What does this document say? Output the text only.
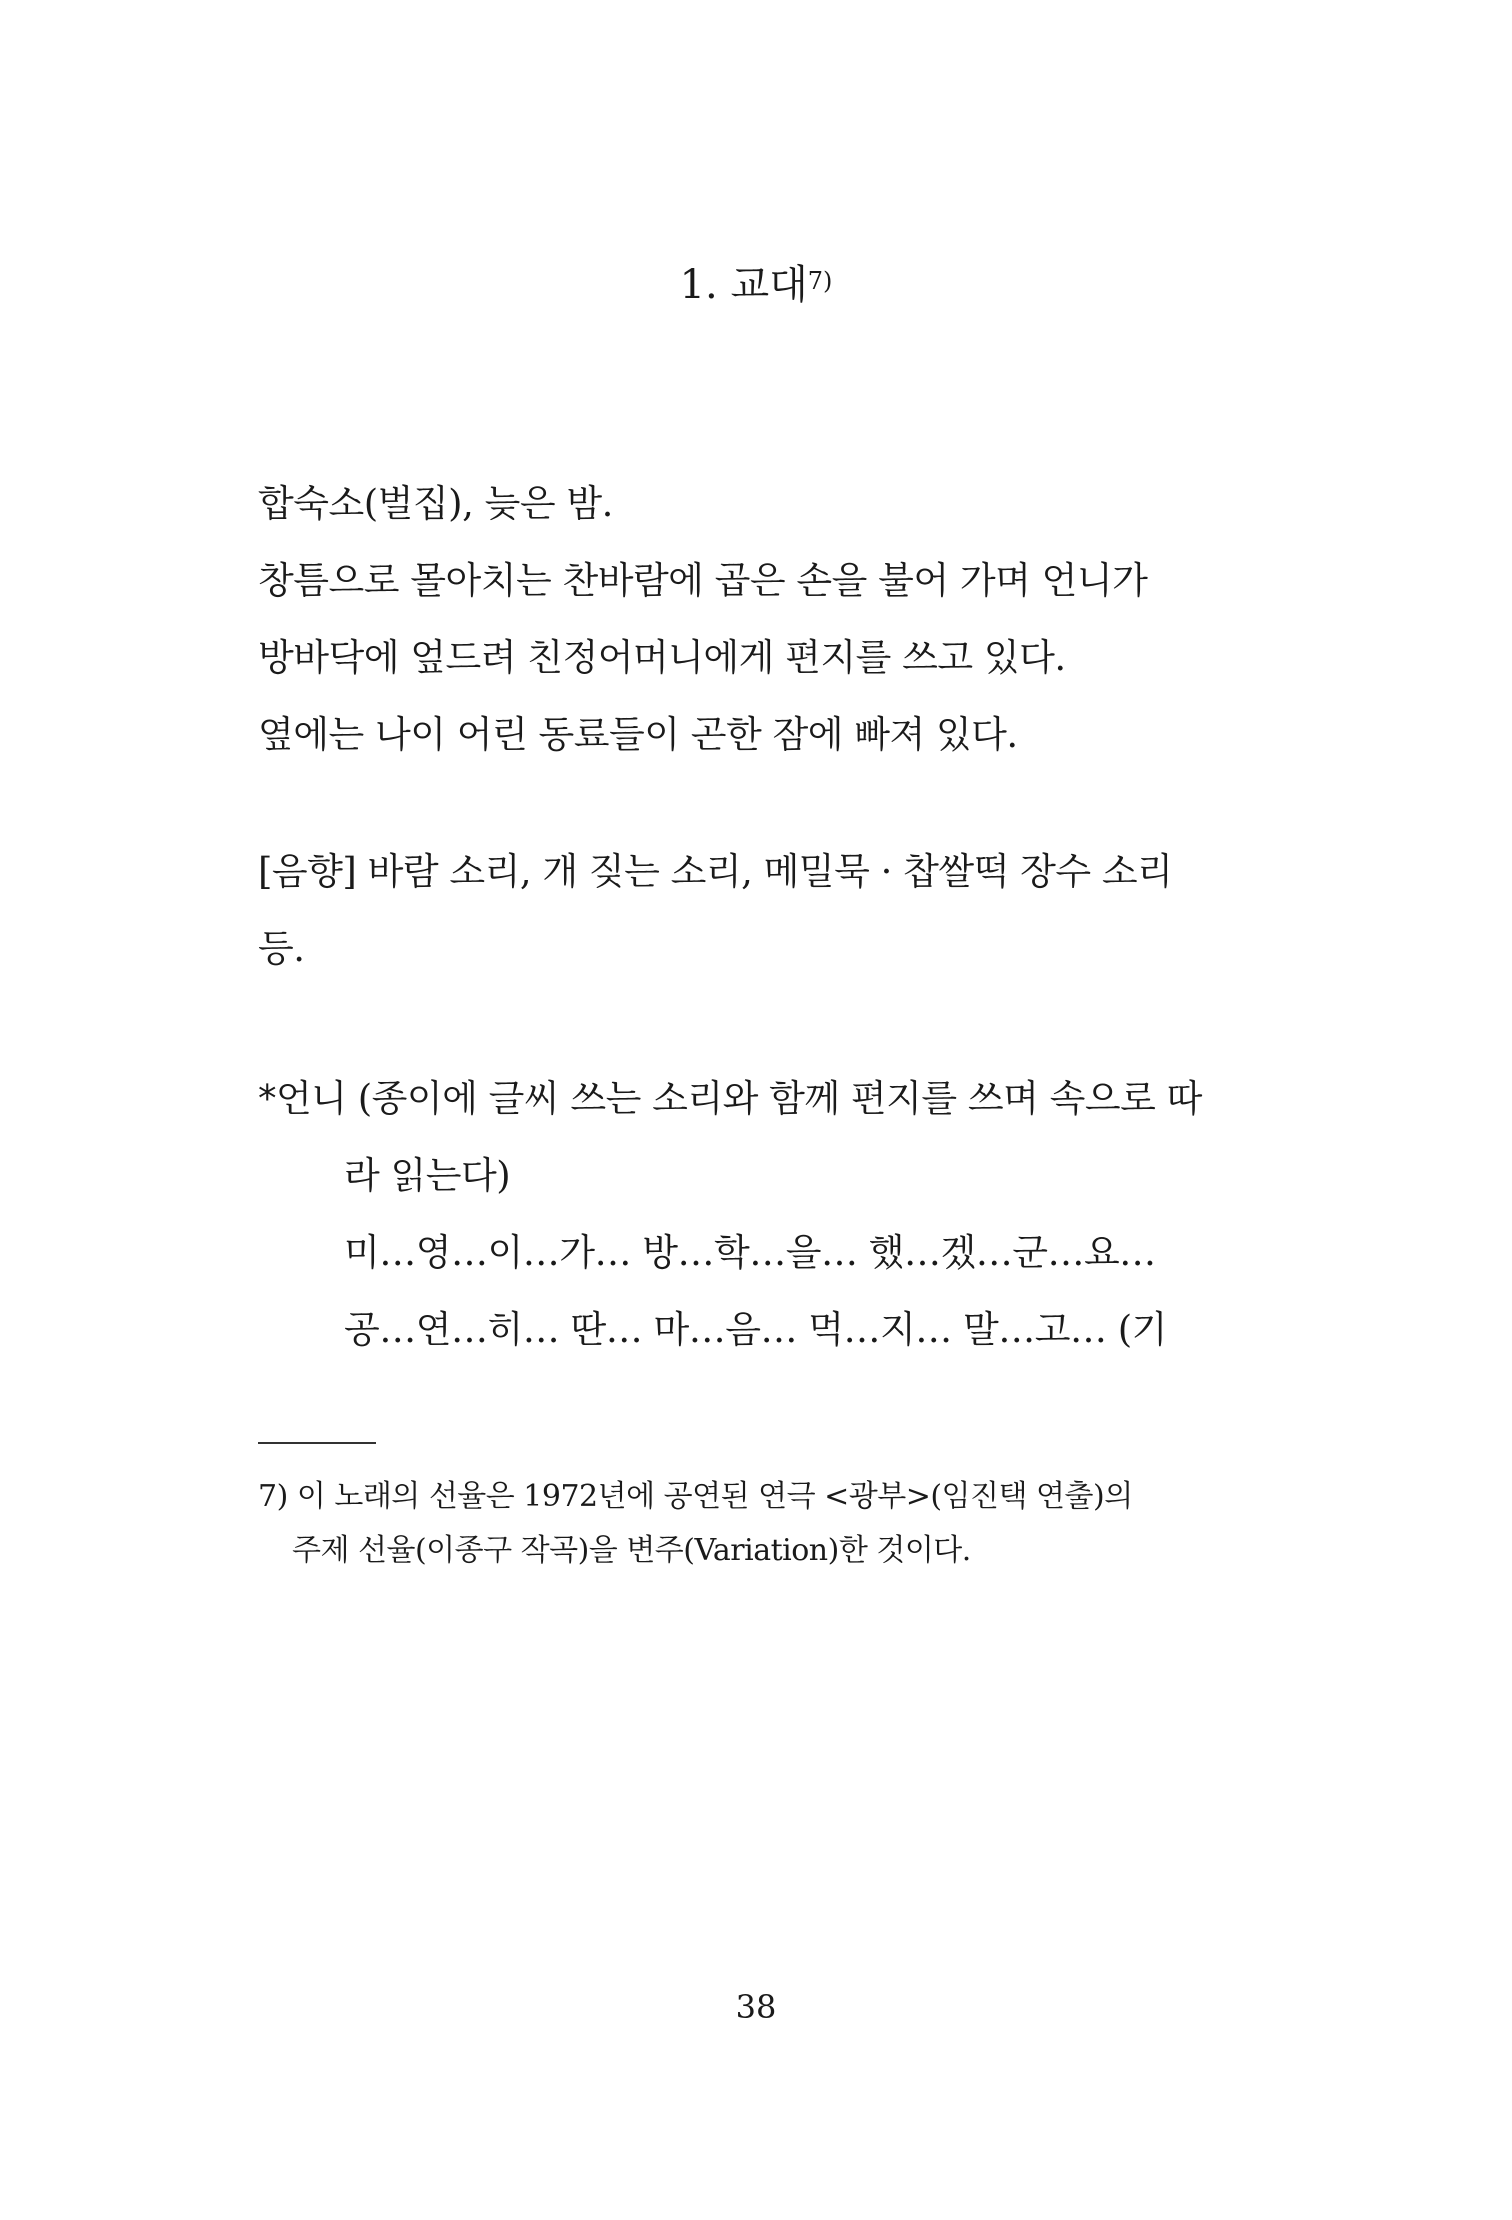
1. 교대$^{7)}$
합숙소(벌집), 늦은 밤.
창틈으로 몰아치는 찬바람에 곱은 손을 불어 가며 언니가
방바닥에 엎드려 친정어머니에게 편지를 쓰고 있다.
옆에는 나이 어린 동료들이 곤한 잠에 빠져 있다.
[음향] 바람 소리, 개 짖는 소리, 메밀묵 · 찹쌀떡 장수 소리
등.
*언니 (종이에 글씨 쓰는 소리와 함께 편지를 쓰며 속으로 따
라 읽는다)
미…영…이…가… 방…학…을… 했…겠…군…요…
공…연…히… 딴… 마…음… 먹…지… 말…고… (기
7) 이 노래의 선율은 1972년에 공연된 연극 <광부>(임진택 연출)의
주제 선율(이종구 작곡)을 변주(Variation)한 것이다.
38
